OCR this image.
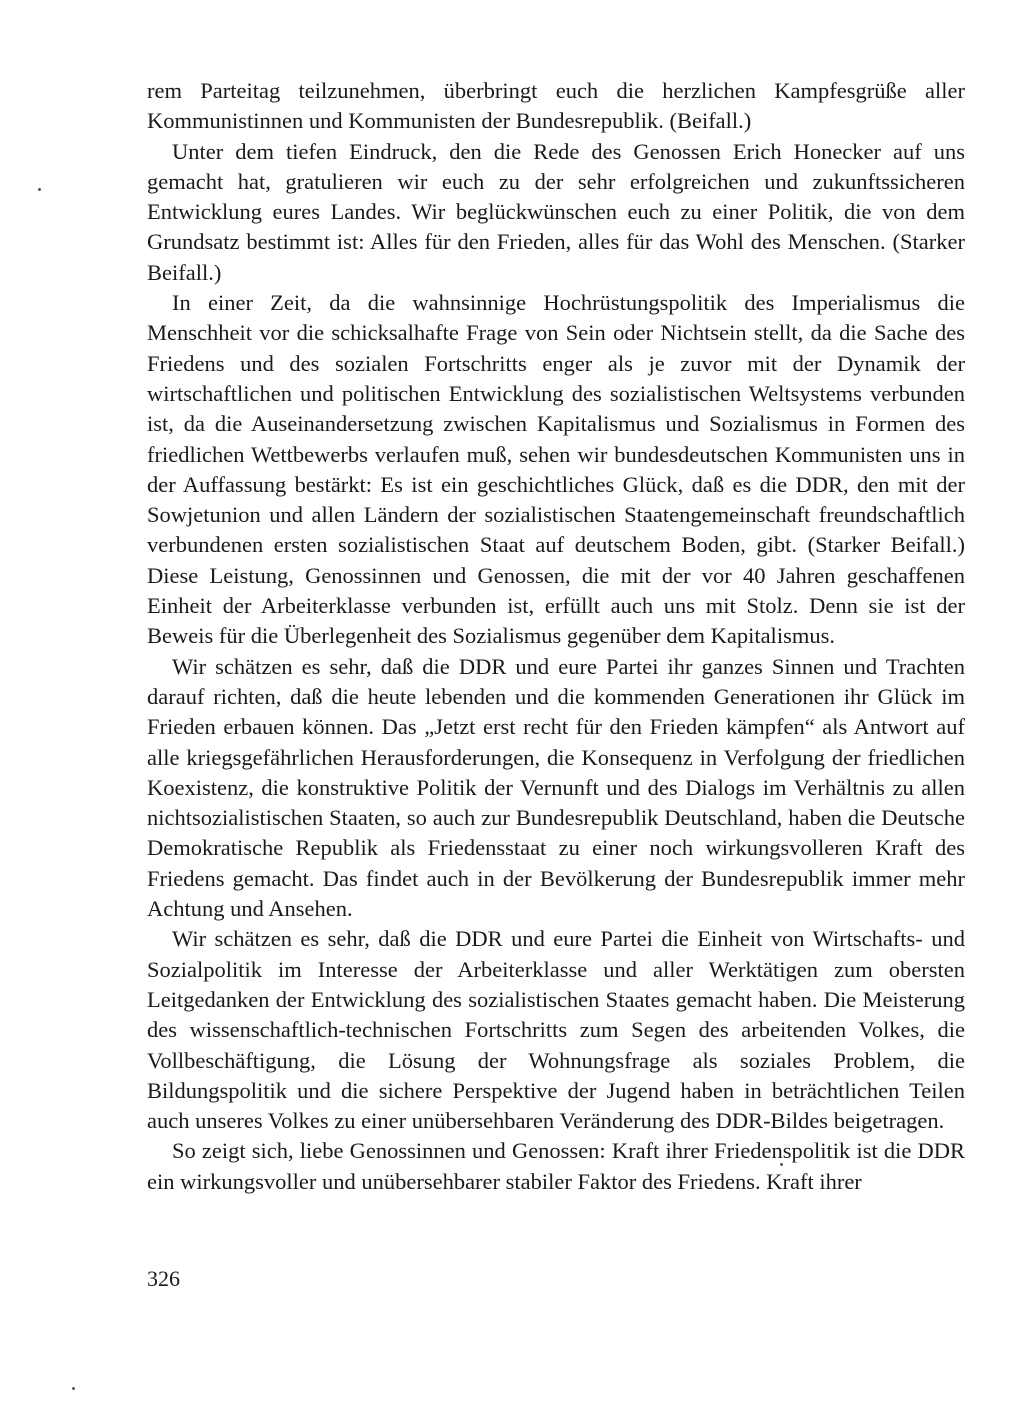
rem Parteitag teilzunehmen, überbringt euch die herzlichen Kampfesgrüße aller Kommunistinnen und Kommunisten der Bundesrepublik. (Beifall.)

Unter dem tiefen Eindruck, den die Rede des Genossen Erich Honecker auf uns gemacht hat, gratulieren wir euch zu der sehr erfolgreichen und zukunftssicheren Entwicklung eures Landes. Wir beglückwünschen euch zu einer Politik, die von dem Grundsatz bestimmt ist: Alles für den Frieden, alles für das Wohl des Menschen. (Starker Beifall.)

In einer Zeit, da die wahnsinnige Hochrüstungspolitik des Imperialismus die Menschheit vor die schicksalhafte Frage von Sein oder Nichtsein stellt, da die Sache des Friedens und des sozialen Fortschritts enger als je zuvor mit der Dynamik der wirtschaftlichen und politischen Entwicklung des sozialistischen Weltsystems verbunden ist, da die Auseinandersetzung zwischen Kapitalismus und Sozialismus in Formen des friedlichen Wettbewerbs verlaufen muß, sehen wir bundesdeutschen Kommunisten uns in der Auffassung bestärkt: Es ist ein geschichtliches Glück, daß es die DDR, den mit der Sowjetunion und allen Ländern der sozialistischen Staatengemeinschaft freundschaftlich verbundenen ersten sozialistischen Staat auf deutschem Boden, gibt. (Starker Beifall.) Diese Leistung, Genossinnen und Genossen, die mit der vor 40 Jahren geschaffenen Einheit der Arbeiterklasse verbunden ist, erfüllt auch uns mit Stolz. Denn sie ist der Beweis für die Überlegenheit des Sozialismus gegenüber dem Kapitalismus.

Wir schätzen es sehr, daß die DDR und eure Partei ihr ganzes Sinnen und Trachten darauf richten, daß die heute lebenden und die kommenden Generationen ihr Glück im Frieden erbauen können. Das „Jetzt erst recht für den Frieden kämpfen“ als Antwort auf alle kriegsgefährlichen Herausforderungen, die Konsequenz in Verfolgung der friedlichen Koexistenz, die konstruktive Politik der Vernunft und des Dialogs im Verhältnis zu allen nichtsozialistischen Staaten, so auch zur Bundesrepublik Deutschland, haben die Deutsche Demokratische Republik als Friedensstaat zu einer noch wirkungsvolleren Kraft des Friedens gemacht. Das findet auch in der Bevölkerung der Bundesrepublik immer mehr Achtung und Ansehen.

Wir schätzen es sehr, daß die DDR und eure Partei die Einheit von Wirtschafts- und Sozialpolitik im Interesse der Arbeiterklasse und aller Werktätigen zum obersten Leitgedanken der Entwicklung des sozialistischen Staates gemacht haben. Die Meisterung des wissenschaftlich-technischen Fortschritts zum Segen des arbeitenden Volkes, die Vollbeschäftigung, die Lösung der Wohnungsfrage als soziales Problem, die Bildungspolitik und die sichere Perspektive der Jugend haben in beträchtlichen Teilen auch unseres Volkes zu einer unübersehbaren Veränderung des DDR-Bildes beigetragen.

So zeigt sich, liebe Genossinnen und Genossen: Kraft ihrer Friedenspolitik ist die DDR ein wirkungsvoller und unübersehbarer stabiler Faktor des Friedens. Kraft ihrer

326
